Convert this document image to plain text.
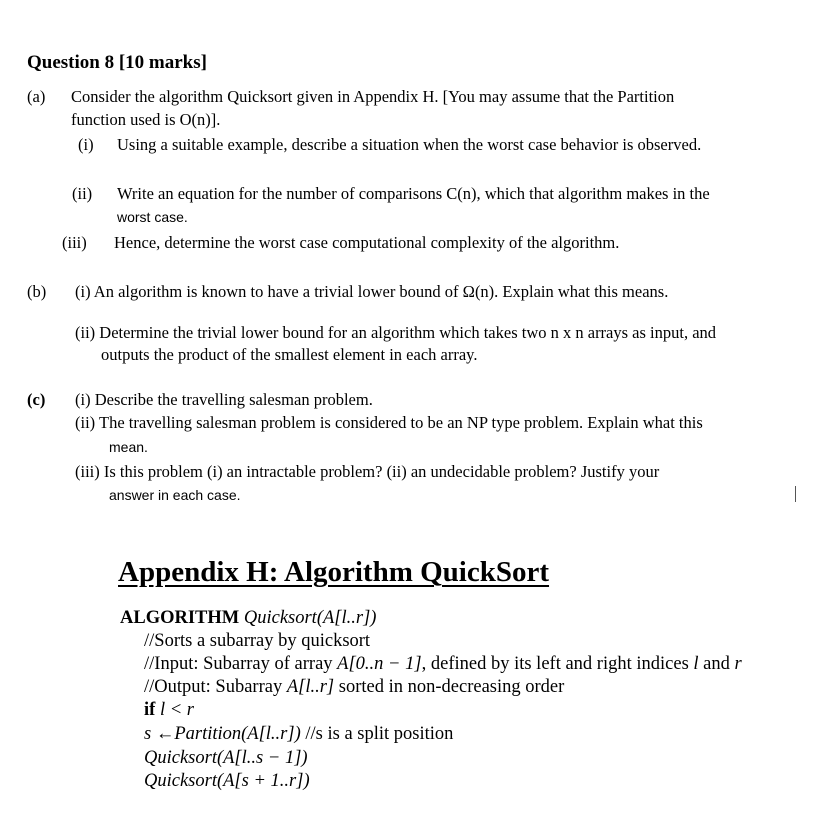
Question 8 [10 marks]
(a) Consider the algorithm Quicksort given in Appendix H. [You may assume that the Partition
function used is O(n)].
(i) Using a suitable example, describe a situation when the worst case behavior is observed.
(ii) Write an equation for the number of comparisons C(n), which that algorithm makes in the
worst case.
(iii) Hence, determine the worst case computational complexity of the algorithm.
(b) (i) An algorithm is known to have a trivial lower bound of Ω(n). Explain what this means.
(ii) Determine the trivial lower bound for an algorithm which takes two n x n arrays as input, and
outputs the product of the smallest element in each array.
(c) (i) Describe the travelling salesman problem.
(ii) The travelling salesman problem is considered to be an NP type problem. Explain what this
mean.
(iii) Is this problem (i) an intractable problem? (ii) an undecidable problem? Justify your
answer in each case.
Appendix H: Algorithm QuickSort
ALGORITHM Quicksort(A[l..r])
//Sorts a subarray by quicksort
//Input: Subarray of array A[0..n − 1], defined by its left and right indices l and r
//Output: Subarray A[l..r] sorted in non-decreasing order
if l < r
s ←Partition(A[l..r]) //s is a split position
Quicksort(A[l..s − 1])
Quicksort(A[s + 1..r])
